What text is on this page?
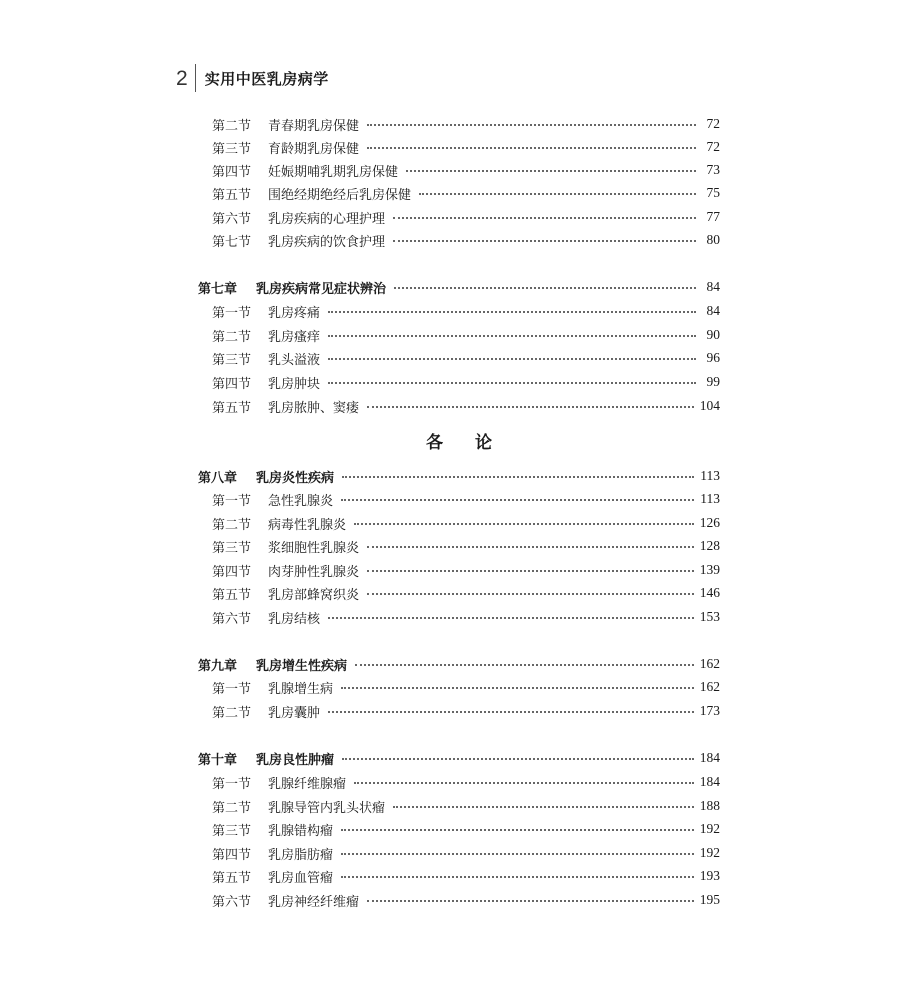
2 实用中医乳房病学
第二节	青春期乳房保健	72
第三节	育龄期乳房保健	72
第四节	妊娠期哺乳期乳房保健	73
第五节	围绝经期绝经后乳房保健	75
第六节	乳房疾病的心理护理	77
第七节	乳房疾病的饮食护理	80
第七章	乳房疾病常见症状辨治	84
第一节	乳房疼痛	84
第二节	乳房瘙痒	90
第三节	乳头溢液	96
第四节	乳房肿块	99
第五节	乳房脓肿、窦瘘	104
各 论
第八章	乳房炎性疾病	113
第一节	急性乳腺炎	113
第二节	病毒性乳腺炎	126
第三节	浆细胞性乳腺炎	128
第四节	肉芽肿性乳腺炎	139
第五节	乳房部蜂窝织炎	146
第六节	乳房结核	153
第九章	乳房增生性疾病	162
第一节	乳腺增生病	162
第二节	乳房囊肿	173
第十章	乳房良性肿瘤	184
第一节	乳腺纤维腺瘤	184
第二节	乳腺导管内乳头状瘤	188
第三节	乳腺错构瘤	192
第四节	乳房脂肪瘤	192
第五节	乳房血管瘤	193
第六节	乳房神经纤维瘤	195
